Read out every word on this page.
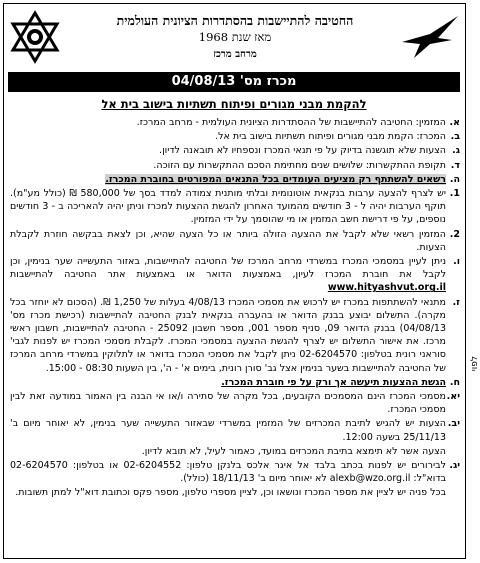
החטיבה להתיישבות בהסתדרות הציונית העולמית
מאז שנת 1968
מרחב מרכז
מכרז מס' 04/08/13
להקמת מבני מגורים ופיתוח תשתיות בישוב בית אל
א.
המזמין: החטיבה להתיישבות של ההסתדרות הציונית העולמית - מרחב המרכז.
ב.
המכרז: הקמת מבני מגורים ופיתוח תשתיות בישוב בית אל.
ג.
הצעות שלא תוגשנה בדיוק על פי תנאי המכרז ונספחיו לא תובאנה לדיון.
ד.
תקופת ההתקשרות: שלושים שנים מחתימת הסכם ההתקשרות עם הזוכה.
ה.
רשאים להשתתף רק מציעים העומדים בכל התנאים המפורטים בחוברת המכרז.
1.
יש לצרף להצעה ערבות בנקאית אוטונומית ובלתי מותנית צמודה למדד בסך של 580,000 ₪ (כולל מע"מ). תוקף הערבות יהיה ל - 3 חודשים מהמועד האחרון להגשת ההצעות למכרז וניתן יהיה להאריכה ב - 3 חודשים נוספים, על פי דרישת חשב המזמין או מי שהוסמך על ידי המזמין.
2.
המזמין רשאי שלא לקבל את ההצעה הזולה ביותר או כל הצעה שהיא, וכן לצאת בבקשה חוזרת לקבלת הצעות.
ו.
ניתן לעיין במסמכי המכרז במשרדי מרחב המרכז של החטיבה להתיישבות, באזור התעשייה שער בנימין, וכן לקבל את חוברת המכרז לעיון, באמצעות הדואר או באמצעות אתר החטיבה להתיישבות www.hityashvut.org.il
ז.
מתנאי להשתתפות במכרז יש לרכוש את מסמכי המכרז 4/08/13 בעלות של 1,250 ₪. (הסכום לא יוחזר בכל מקרה). התשלום יבוצע בבנק הדואר או בהעברה בנקאית לבנק החטיבה להתיישבות (רכישת מכרז מס' 04/08/13) בבנק הדואר 09, סניף מספר 001, מספר חשבון 25092 - החטיבה להתיישבות, חשבון ראשי מרכז. את אישור התשלום יש לצרף להגשת ההצעה במסמכי המכרז. לקבלת מסמכי המכרז יש לפנות לגבי' סוראני רונית בטלפון: 02-6204570 ניתן לקבל את מסמכי המכרז בדואר או לתלוקין במשרדי מרחב המרכז של החטיבה להתיישבות בשער בנימין אצל גב' סורן רונית, בימים א' - ה', בין השעות 08:30 - 15:00.
ח.
הגשת ההצעות תיעשה אך ורק על פי חוברת המכרז.
יא.
מסמכי המכרז הינם המסמכים הקובעים, בכל מקרה של סתירה ו/או אי הבנה בין האמור במודעה זאת לבין מסמכי המכרז.
יב.
הצעות יש להגיש לתיבת המכרזים של המזמין במשרדי שבאזור התעשייה שער בנימין, לא יאוחר מיום ב' 25/11/13 בשעה 12:00.
הצעה אשר לא תימצא בתיבת המכרזים במועד, כאמור לעיל, לא תובא לדיון.
יג.
לבירורים יש לפנות בכתב בלבד אל איגר אלכס בלנקן טלפון: 02-6204552 או בטלפון: 02-6204570 בדוא"ל: alexb@wzo.org.il לא יאוחר מיום ב' 18/11/13 (כולל).
בכל פניה יש לציין את מספר המכרז ונושאו וכן, לציין מספרי טלפון, מספר פקס וכתובת דוא"ל למתן תשובות.
לפוי
